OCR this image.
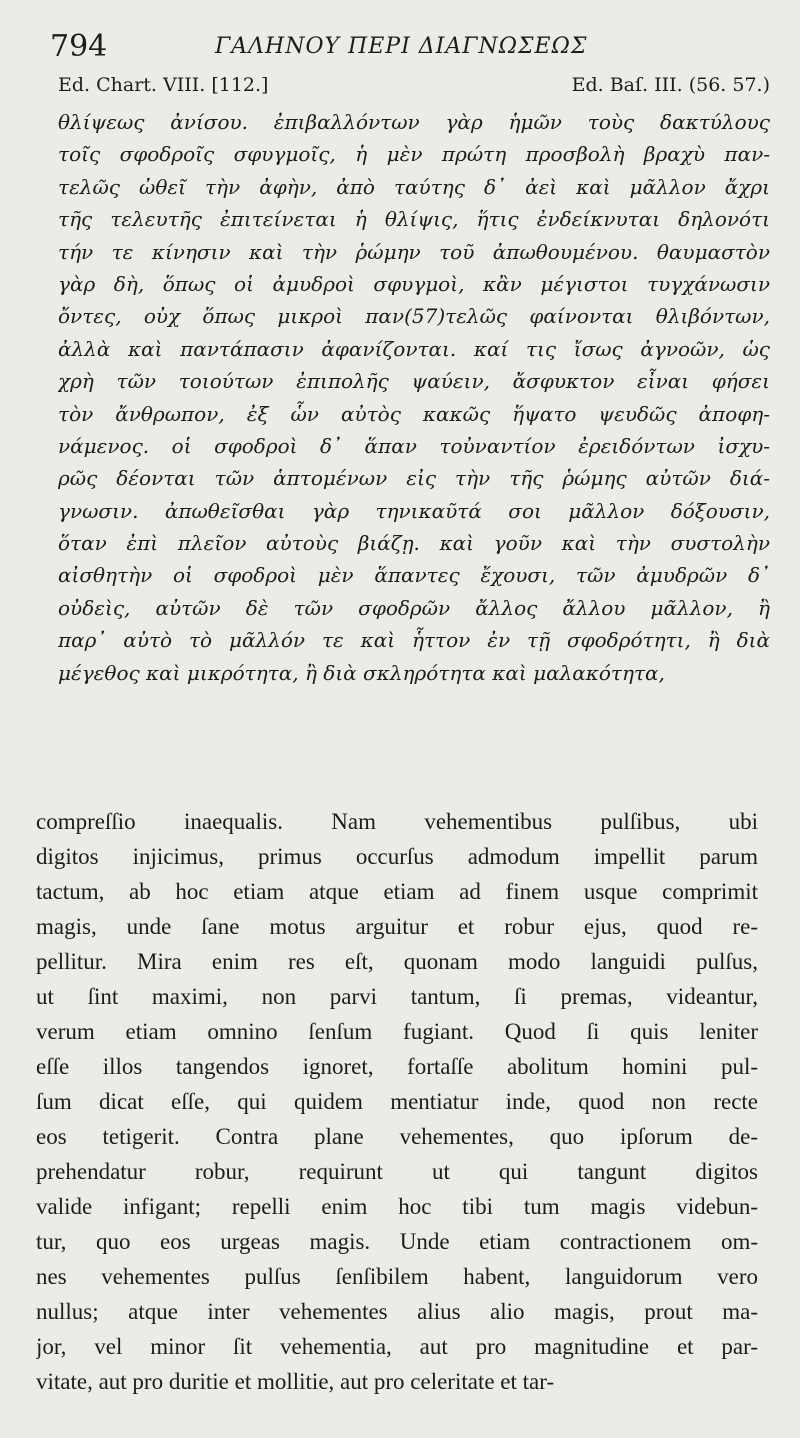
794	ΓΑΛΗΝΟΥ ΠΕΡΙ ΔΙΑΓΝΩΣΕΩΣ
Ed. Chart. VIII. [112.]	Ed. Baſ. III. (56. 57.)
θλίψεως ἀνίσου. ἐπιβαλλόντων γὰρ ἡμῶν τοὺς δακτύλους
τοῖς σφοδροῖς σφυγμοῖς, ἡ μὲν πρώτη προσβολὴ βραχὺ παν-
τελῶς ὠθεῖ τὴν ἀφὴν, ἀπὸ ταύτης δ᾽ ἀεὶ καὶ μᾶλλον ἄχρι
τῆς τελευτῆς ἐπιτείνεται ἡ θλίψις, ἥτις ἐνδείκνυται δηλονότι
τήν τε κίνησιν καὶ τὴν ῥώμην τοῦ ἀπωθουμένου. θαυμαστὸν
γὰρ δὴ, ὅπως οἱ ἀμυδροὶ σφυγμοὶ, κἂν μέγιστοι τυγχάνωσιν
ὄντες, οὐχ ὅπως μικροὶ παν(57)τελῶς φαίνονται θλιβόντων,
ἀλλὰ καὶ παντάπασιν ἀφανίζονται. καί τις ἴσως ἀγνοῶν, ὡς
χρὴ τῶν τοιούτων ἐπιπολῆς ψαύειν, ἄσφυκτον εἶναι φήσει
τὸν ἄνθρωπον, ἐξ ὧν αὐτὸς κακῶς ἥψατο ψευδῶς ἀποφη-
νάμενος. οἱ σφοδροὶ δ᾽ ἅπαν τοὐναντίον ἐρειδόντων ἰσχυ-
ρῶς δέονται τῶν ἁπτομένων εἰς τὴν τῆς ῥώμης αὐτῶν διά-
γνωσιν. ἀπωθεῖσθαι γὰρ τηνικαῦτά σοι μᾶλλον δόξουσιν,
ὅταν ἐπὶ πλεῖον αὐτοὺς βιάζῃ. καὶ γοῦν καὶ τὴν συστολὴν
αἰσθητὴν οἱ σφοδροὶ μὲν ἅπαντες ἔχουσι, τῶν ἀμυδρῶν δ᾽
οὐδεὶς, αὐτῶν δὲ τῶν σφοδρῶν ἄλλος ἄλλου μᾶλλον, ἢ
παρ᾽ αὐτὸ τὸ μᾶλλόν τε καὶ ἧττον ἐν τῇ σφοδρότητι, ἢ διὰ
μέγεθος καὶ μικρότητα, ἢ διὰ σκληρότητα καὶ μαλακότητα,
compreſſio inaequalis. Nam vehementibus pulſibus, ubi
digitos injicimus, primus occurſus admodum impellit parum
tactum, ab hoc etiam atque etiam ad finem usque comprimit
magis, unde ſane motus arguitur et robur ejus, quod re-
pellitur. Mira enim res eſt, quonam modo languidi pulſus,
ut ſint maximi, non parvi tantum, ſi premas, videantur,
verum etiam omnino ſenſum fugiant. Quod ſi quis leniter
eſſe illos tangendos ignoret, fortaſſe abolitum homini pul-
ſum dicat eſſe, qui quidem mentiatur inde, quod non recte
eos tetigerit. Contra plane vehementes, quo ipſorum de-
prehendatur robur, requirunt ut qui tangunt digitos
valide infigant; repelli enim hoc tibi tum magis videbun-
tur, quo eos urgeas magis. Unde etiam contractionem om-
nes vehementes pulſus ſenſibilem habent, languidorum vero
nullus; atque inter vehementes alius alio magis, prout ma-
jor, vel minor ſit vehementia, aut pro magnitudine et par-
vitate, aut pro duritie et mollitie, aut pro celeritate et tar-
